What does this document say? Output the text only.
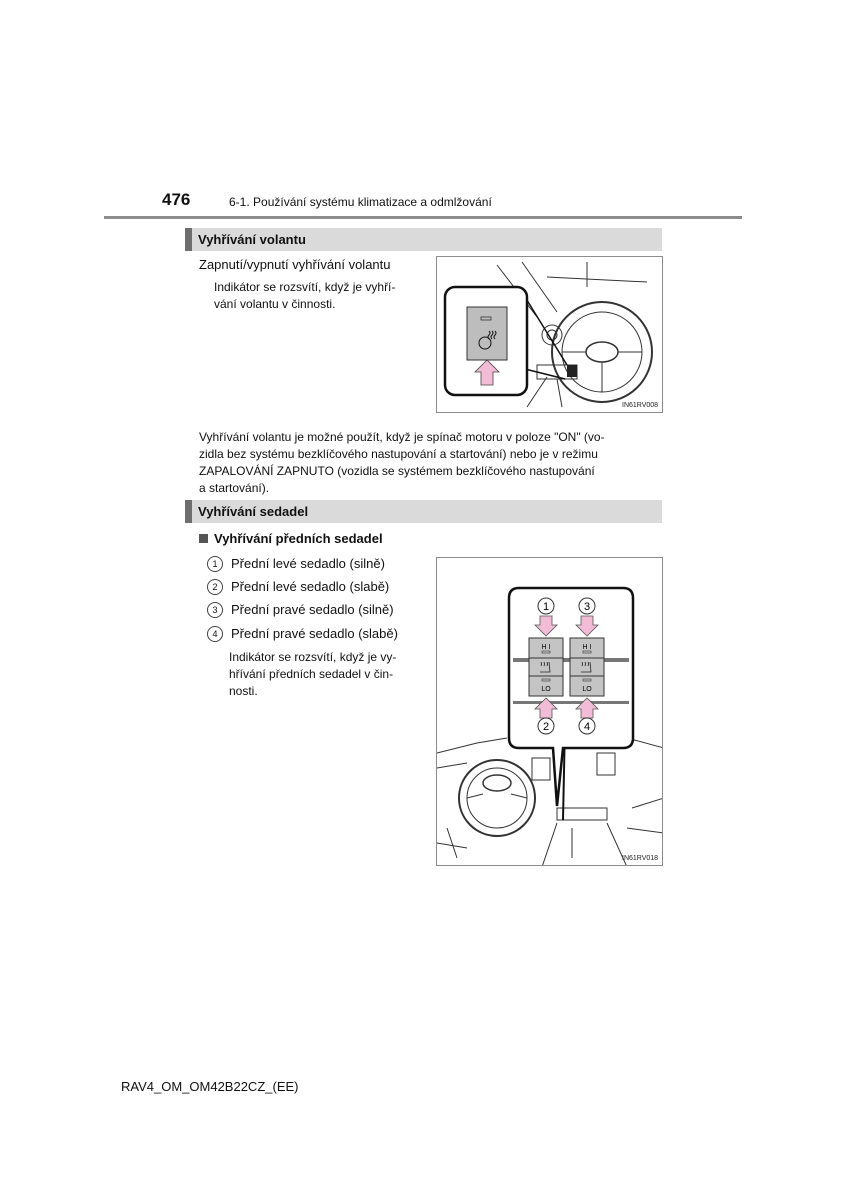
476	6-1. Používání systému klimatizace a odmlžování
Vyhřívání volantu
Zapnutí/vypnutí vyhřívání volantu
Indikátor se rozsvítí, když je vyhří-
vání volantu v činnosti.
IN61RV008
Vyhřívání volantu je možné použít, když je spínač motoru v poloze "ON" (vo-
zidla bez systému bezklíčového nastupování a startování) nebo je v režimu
ZAPALOVÁNÍ ZAPNUTO (vozidla se systémem bezklíčového nastupování
a startování).
Vyhřívání sedadel
Vyhřívání předních sedadel
1 Přední levé sedadlo (silně)
2 Přední levé sedadlo (slabě)
3 Přední pravé sedadlo (silně)
4 Přední pravé sedadlo (slabě)
Indikátor se rozsvítí, když je vy-
hřívání předních sedadel v čin-
nosti.
H I	H I
LO	LO
1	3
2	4
IN61RV018
RAV4_OM_OM42B22CZ_(EE)
